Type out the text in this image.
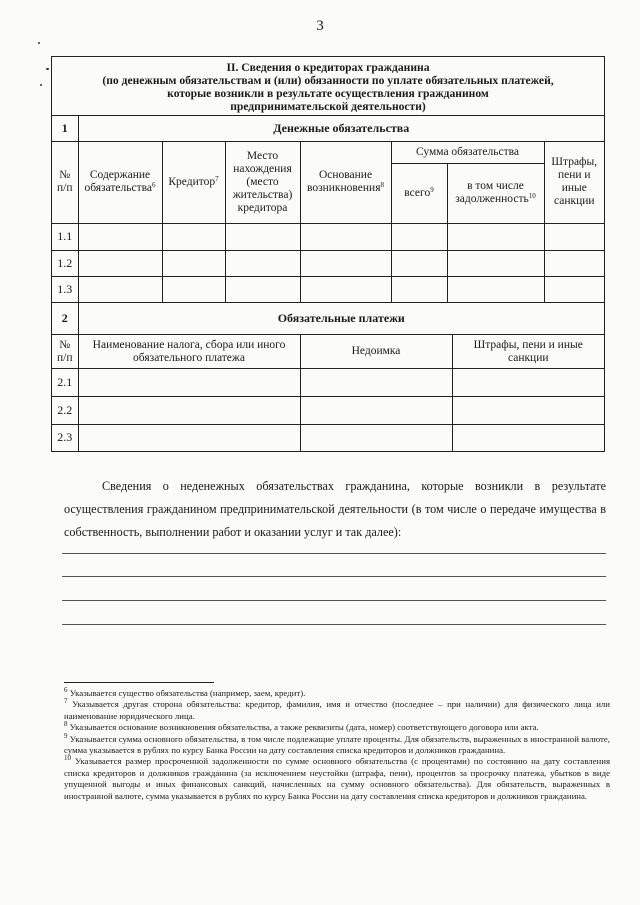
3
II. Сведения о кредиторах гражданина
(по денежным обязательствам и (или) обязанности по уплате обязательных платежей,
которые возникли в результате осуществления гражданином
предпринимательской деятельности)
1	Денежные обязательства						
№ п/п	Содержание обязательства$^6$	Кредитор$^7$	Место нахождения (место жительства) кредитора	Основание возникновения$^8$	Сумма обязательства		Штрафы, пени и иные санкции
					всего$^9$	в том числе задолженность$^{10}$
1.1							
1.2							
1.3							
2	Обязательные платежи		
№ п/п	Наименование налога, сбора или иного обязательного платежа	Недоимка	Штрафы, пени и иные санкции
2.1			
2.2			
2.3			
Сведения о неденежных обязательствах гражданина, которые возникли в результате осуществления гражданином предпринимательской деятельности (в том числе о передаче имущества в собственность, выполнении работ и оказании услуг и так далее):

$^6$ Указывается существо обязательства (например, заем, кредит).

$^7$ Указывается другая сторона обязательства: кредитор, фамилия, имя и отчество (последнее – при наличии) для физического лица или наименование юридического лица.

$^8$ Указывается основание возникновения обязательства, а также реквизиты (дата, номер) соответствующего договора или акта.

$^9$ Указывается сумма основного обязательства, в том числе подлежащие уплате проценты. Для обязательств, выраженных в иностранной валюте, сумма указывается в рублях по курсу Банка России на дату составления списка кредиторов и должников гражданина.

$^{10}$ Указывается размер просроченной задолженности по сумме основного обязательства (с процентами) по состоянию на дату составления списка кредиторов и должников гражданина (за исключением неустойки (штрафа, пени), процентов за просрочку платежа, убытков в виде упущенной выгоды и иных финансовых санкций, начисленных на сумму основного обязательства). Для обязательств, выраженных в иностранной валюте, сумма указывается в рублях по курсу Банка России на дату составления списка кредиторов и должников гражданина.
